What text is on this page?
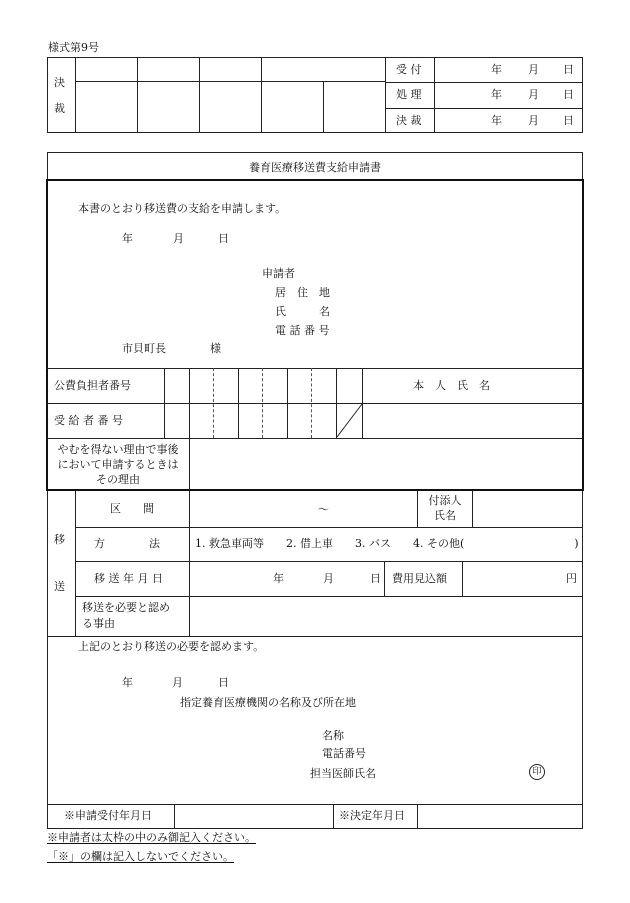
様式第9号
決
裁
受 付	年 月 日
処 理	年 月 日
決 裁	年 月 日
養育医療移送費支給申請書
本書のとおり移送費の支給を申請します。
年	月	日
申請者
居　住　地
氏　　　名
電 話 番 号
市貝町長	様
公費負担者番号	本　人　氏　名
受 給 者 番 号
やむを得ない理由で事後
において申請するときは
その理由
移
送
区　　間	〜
付添人
氏名
方　　　　法	1. 救急車両等　　2. 借上車　　3. バス　　4. その他(　　　　　　　　　　)
移 送 年 月 日	年	月	日 費用見込額	円
移送を必要と認め
る事由
上記のとおり移送の必要を認めます。
年	月	日
指定養育医療機関の名称及び所在地
名称
電話番号
担当医師氏名	印
※申請受付年月日	※決定年月日
※申請者は太枠の中のみ御記入ください。
「※」の欄は記入しないでください。
